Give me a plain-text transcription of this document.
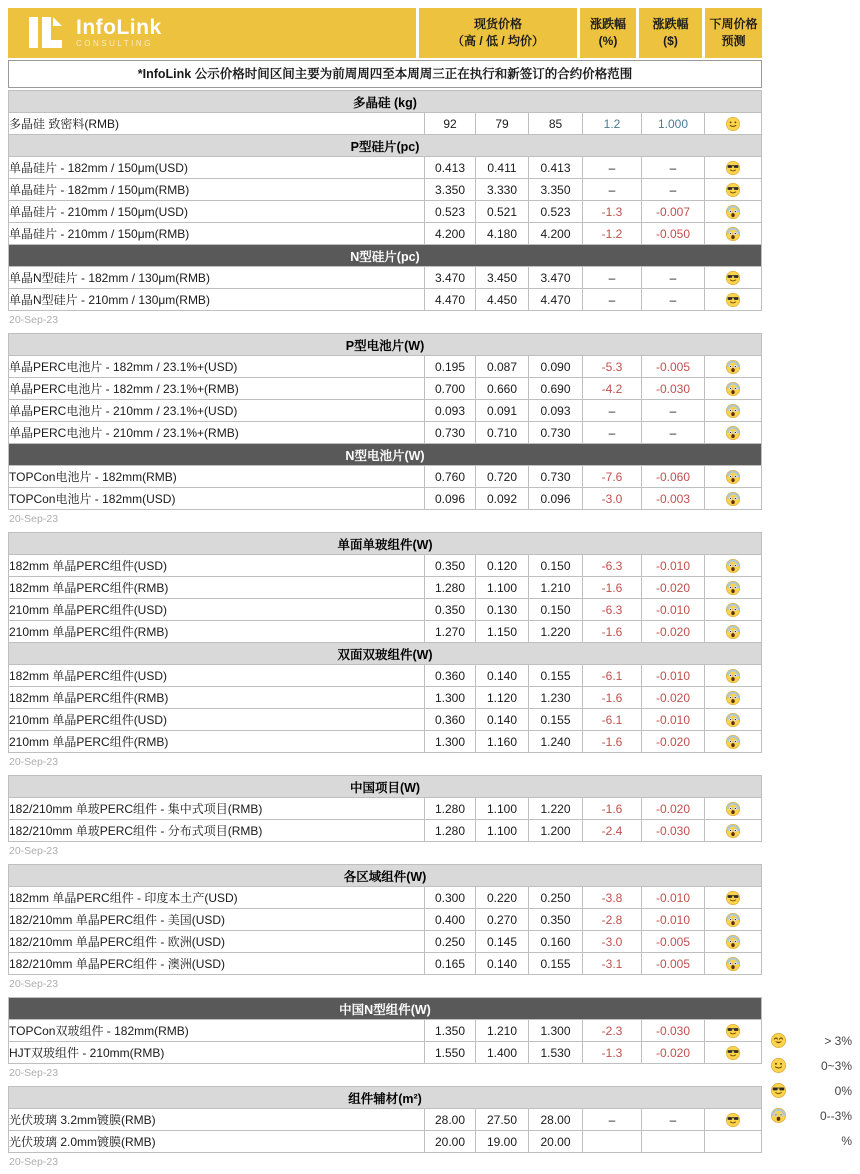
InfoLink
CONSULTING
现货价格
（高 / 低 / 均价）
涨跌幅
(%)
涨跌幅
($)
下周价格
预测
*InfoLink 公示价格时间区间主要为前周周四至本周周三正在执行和新签订的合约价格范围
多晶硅 (kg)						
多晶硅 致密料(RMB)	92	79	85	1.2	1.000	
P型硅片(pc)						
单晶硅片 - 182mm / 150μm(USD)	0.413	0.411	0.413	–	–	
单晶硅片 - 182mm / 150μm(RMB)	3.350	3.330	3.350	–	–	
单晶硅片 - 210mm / 150μm(USD)	0.523	0.521	0.523	-1.3	-0.007	
单晶硅片 - 210mm / 150μm(RMB)	4.200	4.180	4.200	-1.2	-0.050	
N型硅片(pc)						
单晶N型硅片 - 182mm / 130μm(RMB)	3.470	3.450	3.470	–	–	
单晶N型硅片 - 210mm / 130μm(RMB)	4.470	4.450	4.470	–	–	
20-Sep-23
P型电池片(W)						
单晶PERC电池片 - 182mm / 23.1%+(USD)	0.195	0.087	0.090	-5.3	-0.005	
单晶PERC电池片 - 182mm / 23.1%+(RMB)	0.700	0.660	0.690	-4.2	-0.030	
单晶PERC电池片 - 210mm / 23.1%+(USD)	0.093	0.091	0.093	–	–	
单晶PERC电池片 - 210mm / 23.1%+(RMB)	0.730	0.710	0.730	–	–	
N型电池片(W)						
TOPCon电池片 - 182mm(RMB)	0.760	0.720	0.730	-7.6	-0.060	
TOPCon电池片 - 182mm(USD)	0.096	0.092	0.096	-3.0	-0.003	
20-Sep-23
单面单玻组件(W)						
182mm 单晶PERC组件(USD)	0.350	0.120	0.150	-6.3	-0.010	
182mm 单晶PERC组件(RMB)	1.280	1.100	1.210	-1.6	-0.020	
210mm 单晶PERC组件(USD)	0.350	0.130	0.150	-6.3	-0.010	
210mm 单晶PERC组件(RMB)	1.270	1.150	1.220	-1.6	-0.020	
双面双玻组件(W)						
182mm 单晶PERC组件(USD)	0.360	0.140	0.155	-6.1	-0.010	
182mm 单晶PERC组件(RMB)	1.300	1.120	1.230	-1.6	-0.020	
210mm 单晶PERC组件(USD)	0.360	0.140	0.155	-6.1	-0.010	
210mm 单晶PERC组件(RMB)	1.300	1.160	1.240	-1.6	-0.020	
20-Sep-23
中国项目(W)						
182/210mm 单玻PERC组件 - 集中式项目(RMB)	1.280	1.100	1.220	-1.6	-0.020	
182/210mm 单玻PERC组件 - 分布式项目(RMB)	1.280	1.100	1.200	-2.4	-0.030	
20-Sep-23
各区域组件(W)						
182mm 单晶PERC组件 - 印度本土产(USD)	0.300	0.220	0.250	-3.8	-0.010	
182/210mm 单晶PERC组件 - 美国(USD)	0.400	0.270	0.350	-2.8	-0.010	
182/210mm 单晶PERC组件 - 欧洲(USD)	0.250	0.145	0.160	-3.0	-0.005	
182/210mm 单晶PERC组件 - 澳洲(USD)	0.165	0.140	0.155	-3.1	-0.005	
20-Sep-23
中国N型组件(W)						
TOPCon双玻组件 - 182mm(RMB)	1.350	1.210	1.300	-2.3	-0.030	
HJT双玻组件 - 210mm(RMB)	1.550	1.400	1.530	-1.3	-0.020	
20-Sep-23
组件辅材(m²)						
光伏玻璃 3.2mm镀膜(RMB)	28.00	27.50	28.00	–	–	
光伏玻璃 2.0mm镀膜(RMB)	20.00	19.00	20.00			
20-Sep-23
> 3%
0~3%
0%
0--3%
%
